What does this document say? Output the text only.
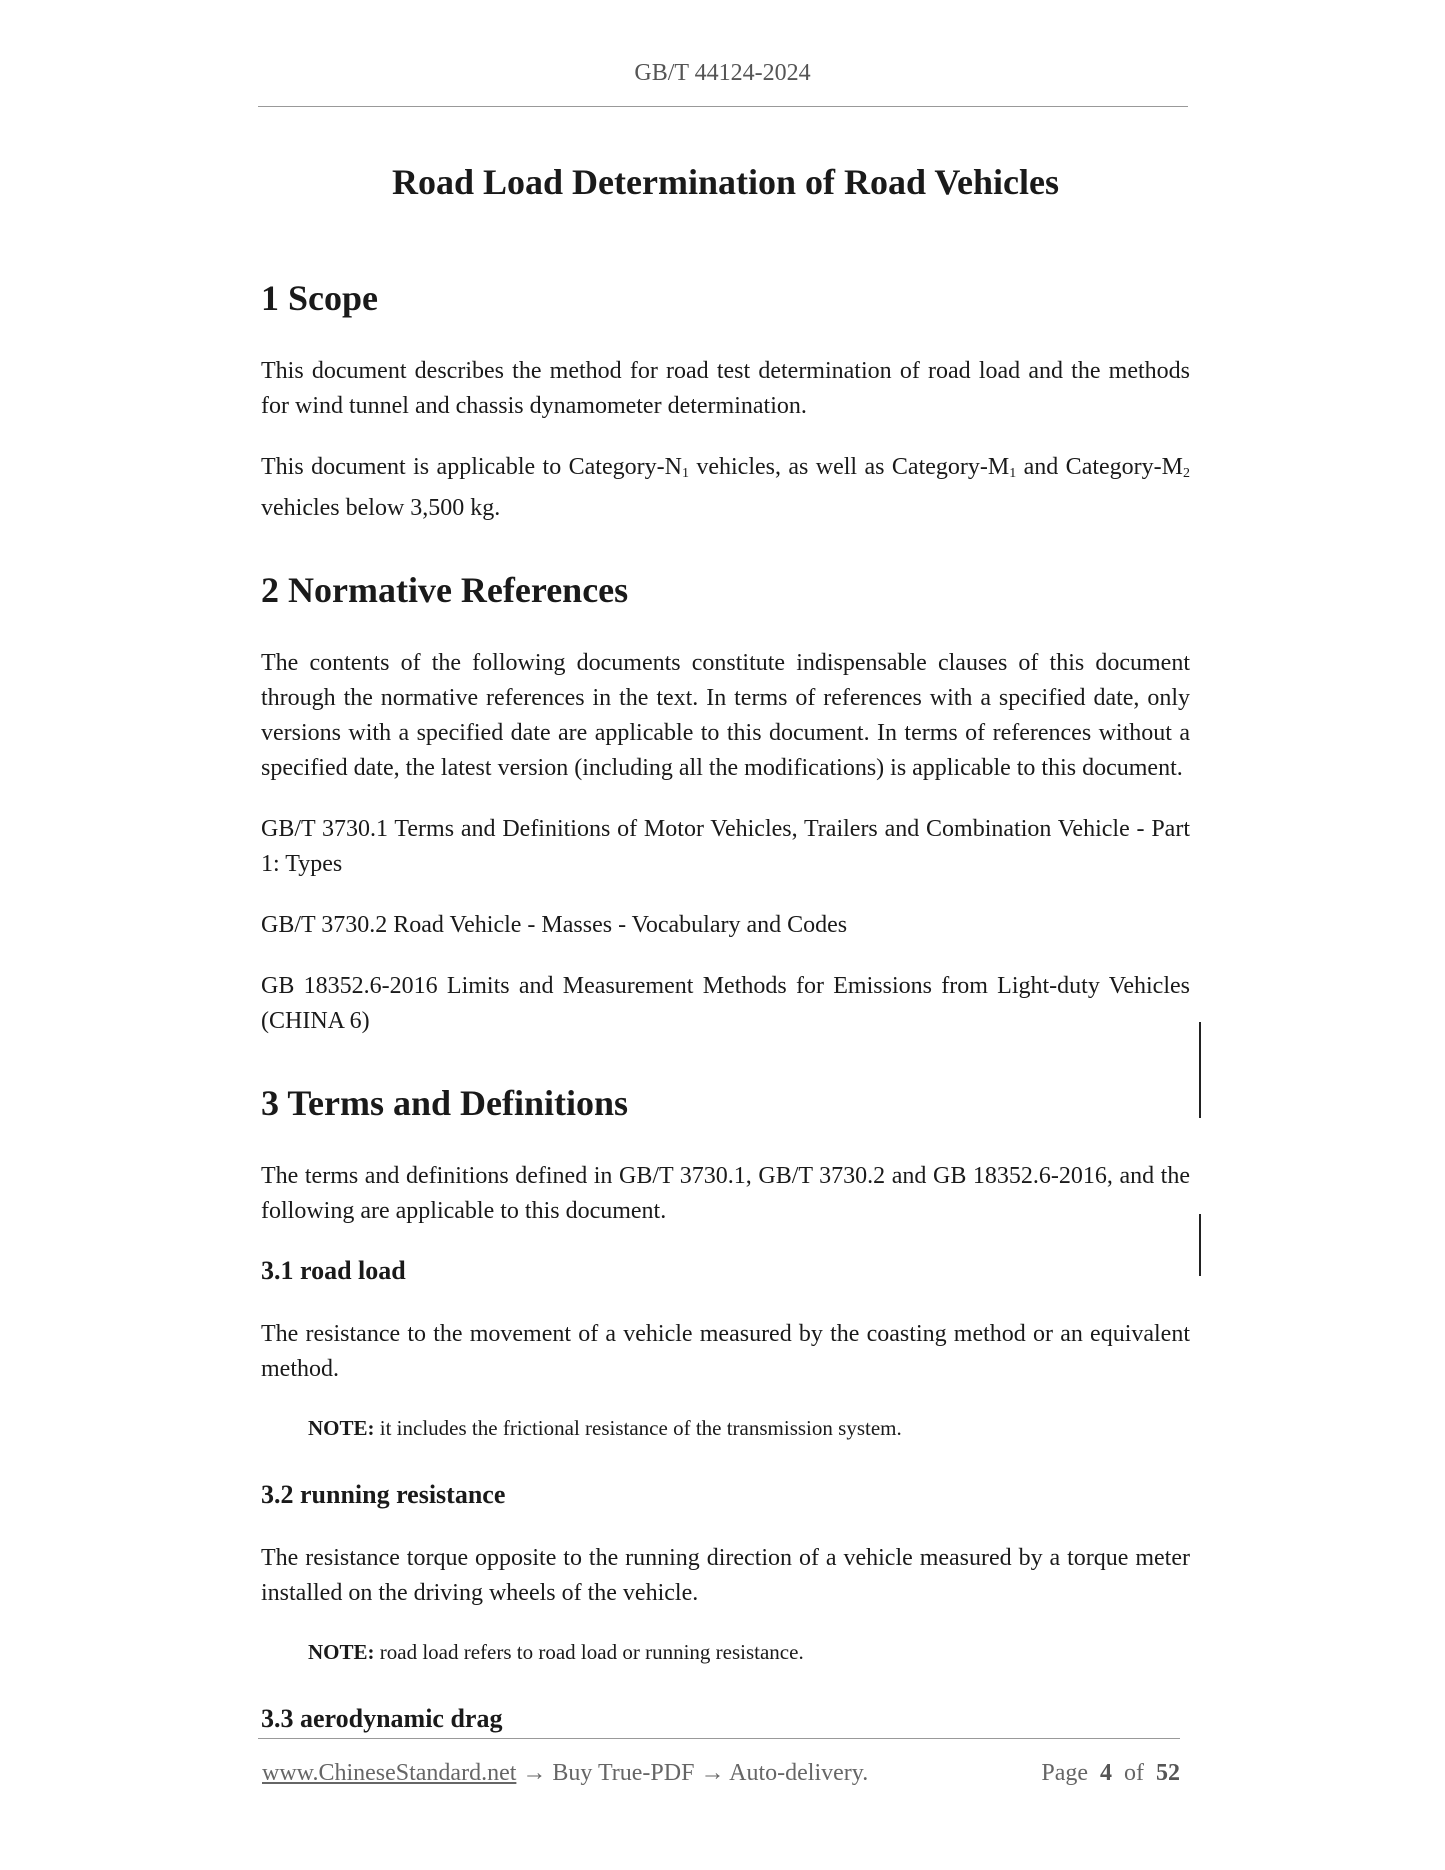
GB/T 44124-2024
Road Load Determination of Road Vehicles
1 Scope

This document describes the method for road test determination of road load and the methods for wind tunnel and chassis dynamometer determination.

This document is applicable to Category-$N_1$ vehicles, as well as Category-$M_1$ and Category-$M_2$ vehicles below 3,500 kg.

2 Normative References

The contents of the following documents constitute indispensable clauses of this document through the normative references in the text. In terms of references with a specified date, only versions with a specified date are applicable to this document. In terms of references without a specified date, the latest version (including all the modifications) is applicable to this document.

GB/T 3730.1 Terms and Definitions of Motor Vehicles, Trailers and Combination Vehicle - Part 1: Types

GB/T 3730.2 Road Vehicle - Masses - Vocabulary and Codes

GB 18352.6-2016 Limits and Measurement Methods for Emissions from Light-duty Vehicles (CHINA 6)

3 Terms and Definitions

The terms and definitions defined in GB/T 3730.1, GB/T 3730.2 and GB 18352.6-2016, and the following are applicable to this document.

3.1 road load

The resistance to the movement of a vehicle measured by the coasting method or an equivalent method.

NOTE: it includes the frictional resistance of the transmission system.
3.2 running resistance

The resistance torque opposite to the running direction of a vehicle measured by a torque meter installed on the driving wheels of the vehicle.

NOTE: road load refers to road load or running resistance.
3.3 aerodynamic drag
www.ChineseStandard.net → Buy True-PDF → Auto-delivery.	Page 4 of 52
